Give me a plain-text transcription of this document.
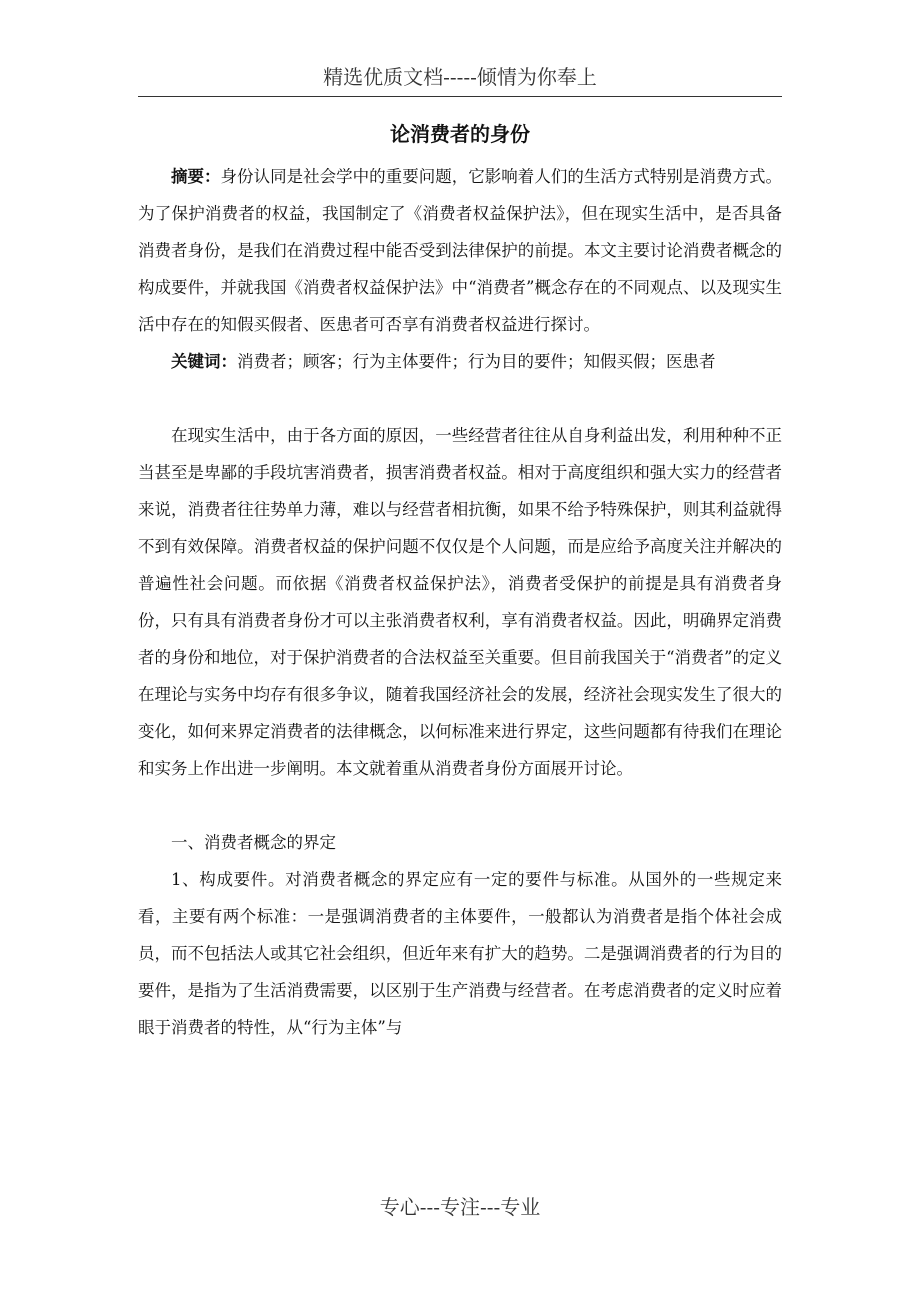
精选优质文档-----倾情为你奉上
论消费者的身份

摘要：身份认同是社会学中的重要问题，它影响着人们的生活方式特别是消费方式。为了保护消费者的权益，我国制定了《消费者权益保护法》，但在现实生活中，是否具备消费者身份，是我们在消费过程中能否受到法律保护的前提。本文主要讨论消费者概念的构成要件，并就我国《消费者权益保护法》中“消费者”概念存在的不同观点、以及现实生活中存在的知假买假者、医患者可否享有消费者权益进行探讨。

关键词：消费者；顾客；行为主体要件；行为目的要件；知假买假；医患者

在现实生活中，由于各方面的原因，一些经营者往往从自身利益出发，利用种种不正当甚至是卑鄙的手段坑害消费者，损害消费者权益。相对于高度组织和强大实力的经营者来说，消费者往往势单力薄，难以与经营者相抗衡，如果不给予特殊保护，则其利益就得不到有效保障。消费者权益的保护问题不仅仅是个人问题，而是应给予高度关注并解决的普遍性社会问题。而依据《消费者权益保护法》，消费者受保护的前提是具有消费者身份，只有具有消费者身份才可以主张消费者权利，享有消费者权益。因此，明确界定消费者的身份和地位，对于保护消费者的合法权益至关重要。但目前我国关于“消费者”的定义在理论与实务中均存有很多争议，随着我国经济社会的发展，经济社会现实发生了很大的变化，如何来界定消费者的法律概念，以何标准来进行界定，这些问题都有待我们在理论和实务上作出进一步阐明。本文就着重从消费者身份方面展开讨论。

一、消费者概念的界定

1、构成要件。对消费者概念的界定应有一定的要件与标准。从国外的一些规定来看，主要有两个标准：一是强调消费者的主体要件，一般都认为消费者是指个体社会成员，而不包括法人或其它社会组织，但近年来有扩大的趋势。二是强调消费者的行为目的要件，是指为了生活消费需要，以区别于生产消费与经营者。在考虑消费者的定义时应着眼于消费者的特性，从“行为主体”与

专心---专注---专业
